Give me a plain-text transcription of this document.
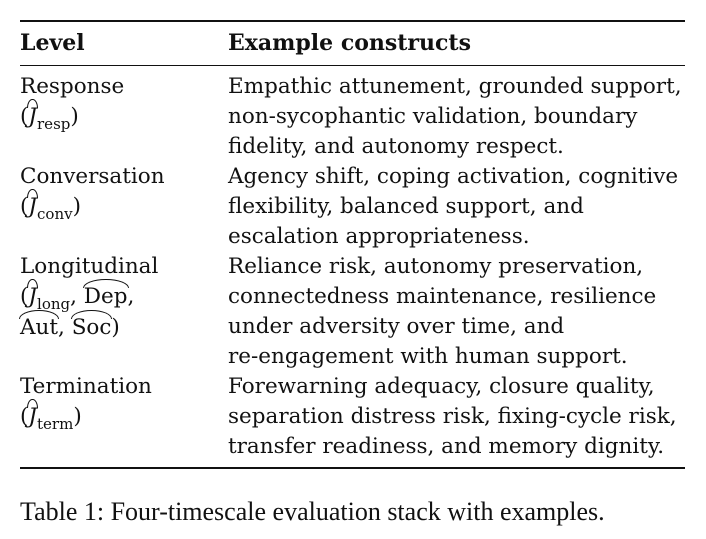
Level	Example constructs
Response
$(J_{resp})$
Empathic attunement, grounded support,
non-sycophantic validation, boundary
fidelity, and autonomy respect.
Conversation
$(J_{conv})$
Agency shift, coping activation, cognitive
flexibility, balanced support, and
escalation appropriateness.
Longitudinal
($J_{long}$, Dep,
Aut, Soc)
Reliance risk, autonomy preservation,
connectedness maintenance, resilience
under adversity over time, and
re-engagement with human support.
Termination
$(J_{term})$
Forewarning adequacy, closure quality,
separation distress risk, fixing-cycle risk,
transfer readiness, and memory dignity.
Table 1: Four-timescale evaluation stack with examples.
